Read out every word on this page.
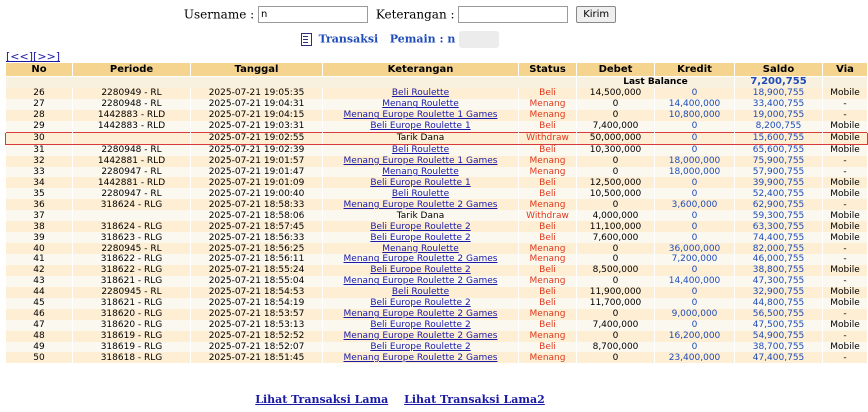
Username : n	Keterangan :	Kirim
Transaksi Pemain : n
[<<][>>]
No	Periode	Tanggal	Keterangan	Status	Debet	Kredit	Saldo	Via
					Last Balance		7,200,755	
26	2280949 - RL	2025-07-21 19:05:35	Beli Roulette	Beli	14,500,000	0	18,900,755	Mobile
27	2280948 - RL	2025-07-21 19:04:31	Menang Roulette	Menang	0	14,400,000	33,400,755	-
28	1442883 - RLD	2025-07-21 19:04:15	Menang Europe Roulette 1 Games	Menang	0	10,800,000	19,000,755	-
29	1442883 - RLD	2025-07-21 19:03:31	Beli Europe Roulette 1	Beli	7,400,000	0	8,200,755	Mobile
30		2025-07-21 19:02:55	Tarik Dana	Withdraw	50,000,000	0	15,600,755	Mobile
31	2280948 - RL	2025-07-21 19:02:39	Beli Roulette	Beli	10,300,000	0	65,600,755	Mobile
32	1442881 - RLD	2025-07-21 19:01:57	Menang Europe Roulette 1 Games	Menang	0	18,000,000	75,900,755	-
33	2280947 - RL	2025-07-21 19:01:47	Menang Roulette	Menang	0	18,000,000	57,900,755	-
34	1442881 - RLD	2025-07-21 19:01:09	Beli Europe Roulette 1	Beli	12,500,000	0	39,900,755	Mobile
35	2280947 - RL	2025-07-21 19:00:40	Beli Roulette	Beli	10,500,000	0	52,400,755	Mobile
36	318624 - RLG	2025-07-21 18:58:33	Menang Europe Roulette 2 Games	Menang	0	3,600,000	62,900,755	-
37		2025-07-21 18:58:06	Tarik Dana	Withdraw	4,000,000	0	59,300,755	Mobile
38	318624 - RLG	2025-07-21 18:57:45	Beli Europe Roulette 2	Beli	11,100,000	0	63,300,755	Mobile
39	318623 - RLG	2025-07-21 18:56:33	Beli Europe Roulette 2	Beli	7,600,000	0	74,400,755	Mobile
40	2280945 - RL	2025-07-21 18:56:25	Menang Roulette	Menang	0	36,000,000	82,000,755	-
41	318622 - RLG	2025-07-21 18:56:11	Menang Europe Roulette 2 Games	Menang	0	7,200,000	46,000,755	-
42	318622 - RLG	2025-07-21 18:55:24	Beli Europe Roulette 2	Beli	8,500,000	0	38,800,755	Mobile
43	318621 - RLG	2025-07-21 18:55:04	Menang Europe Roulette 2 Games	Menang	0	14,400,000	47,300,755	-
44	2280945 - RL	2025-07-21 18:54:53	Beli Roulette	Beli	11,900,000	0	32,900,755	Mobile
45	318621 - RLG	2025-07-21 18:54:19	Beli Europe Roulette 2	Beli	11,700,000	0	44,800,755	Mobile
46	318620 - RLG	2025-07-21 18:53:57	Menang Europe Roulette 2 Games	Menang	0	9,000,000	56,500,755	-
47	318620 - RLG	2025-07-21 18:53:13	Beli Europe Roulette 2	Beli	7,400,000	0	47,500,755	Mobile
48	318619 - RLG	2025-07-21 18:52:52	Menang Europe Roulette 2 Games	Menang	0	16,200,000	54,900,755	-
49	318619 - RLG	2025-07-21 18:52:07	Beli Europe Roulette 2	Beli	8,700,000	0	38,700,755	Mobile
50	318618 - RLG	2025-07-21 18:51:45	Menang Europe Roulette 2 Games	Menang	0	23,400,000	47,400,755	-
Lihat Transaksi Lama Lihat Transaksi Lama2
